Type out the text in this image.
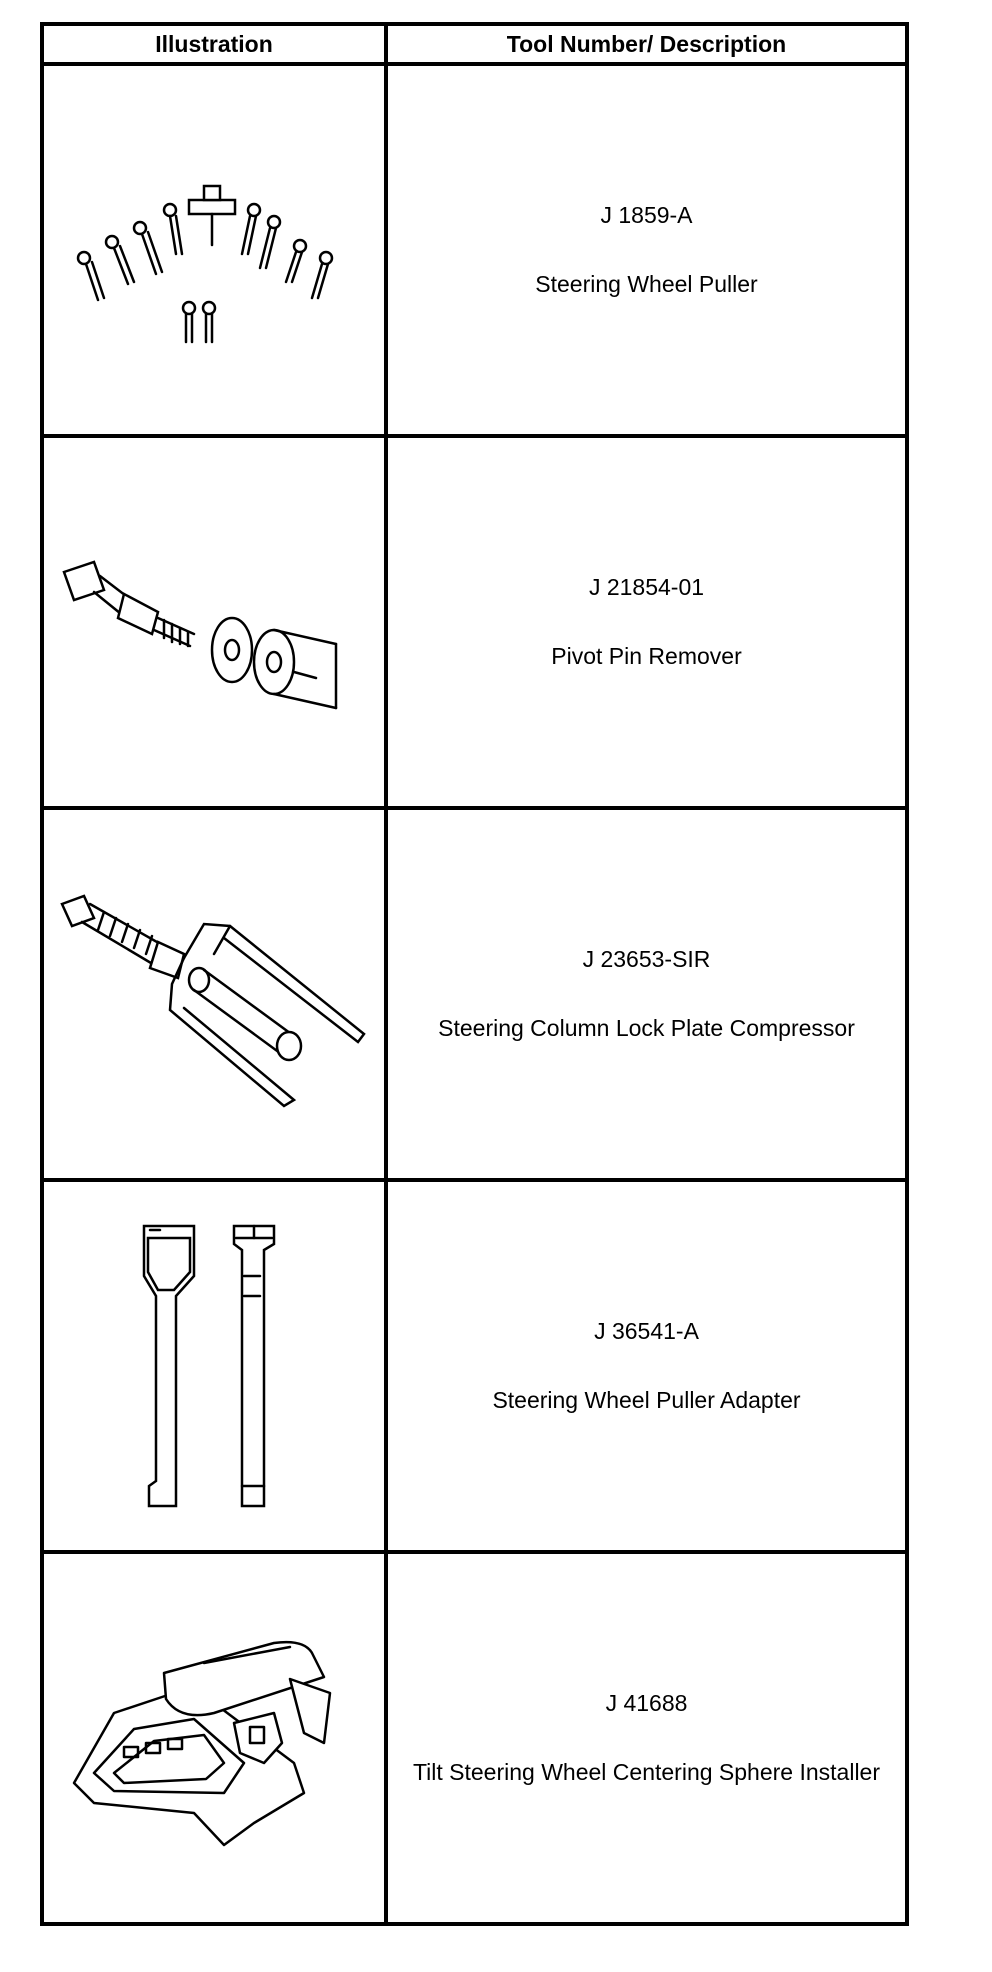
Illustration	Tool Number/ Description

J 1859-A
Steering Wheel Puller

J 21854-01
Pivot Pin Remover

J 23653-SIR
Steering Column Lock Plate Compressor

J 36541-A
Steering Wheel Puller Adapter

J 41688
Tilt Steering Wheel Centering Sphere Installer
